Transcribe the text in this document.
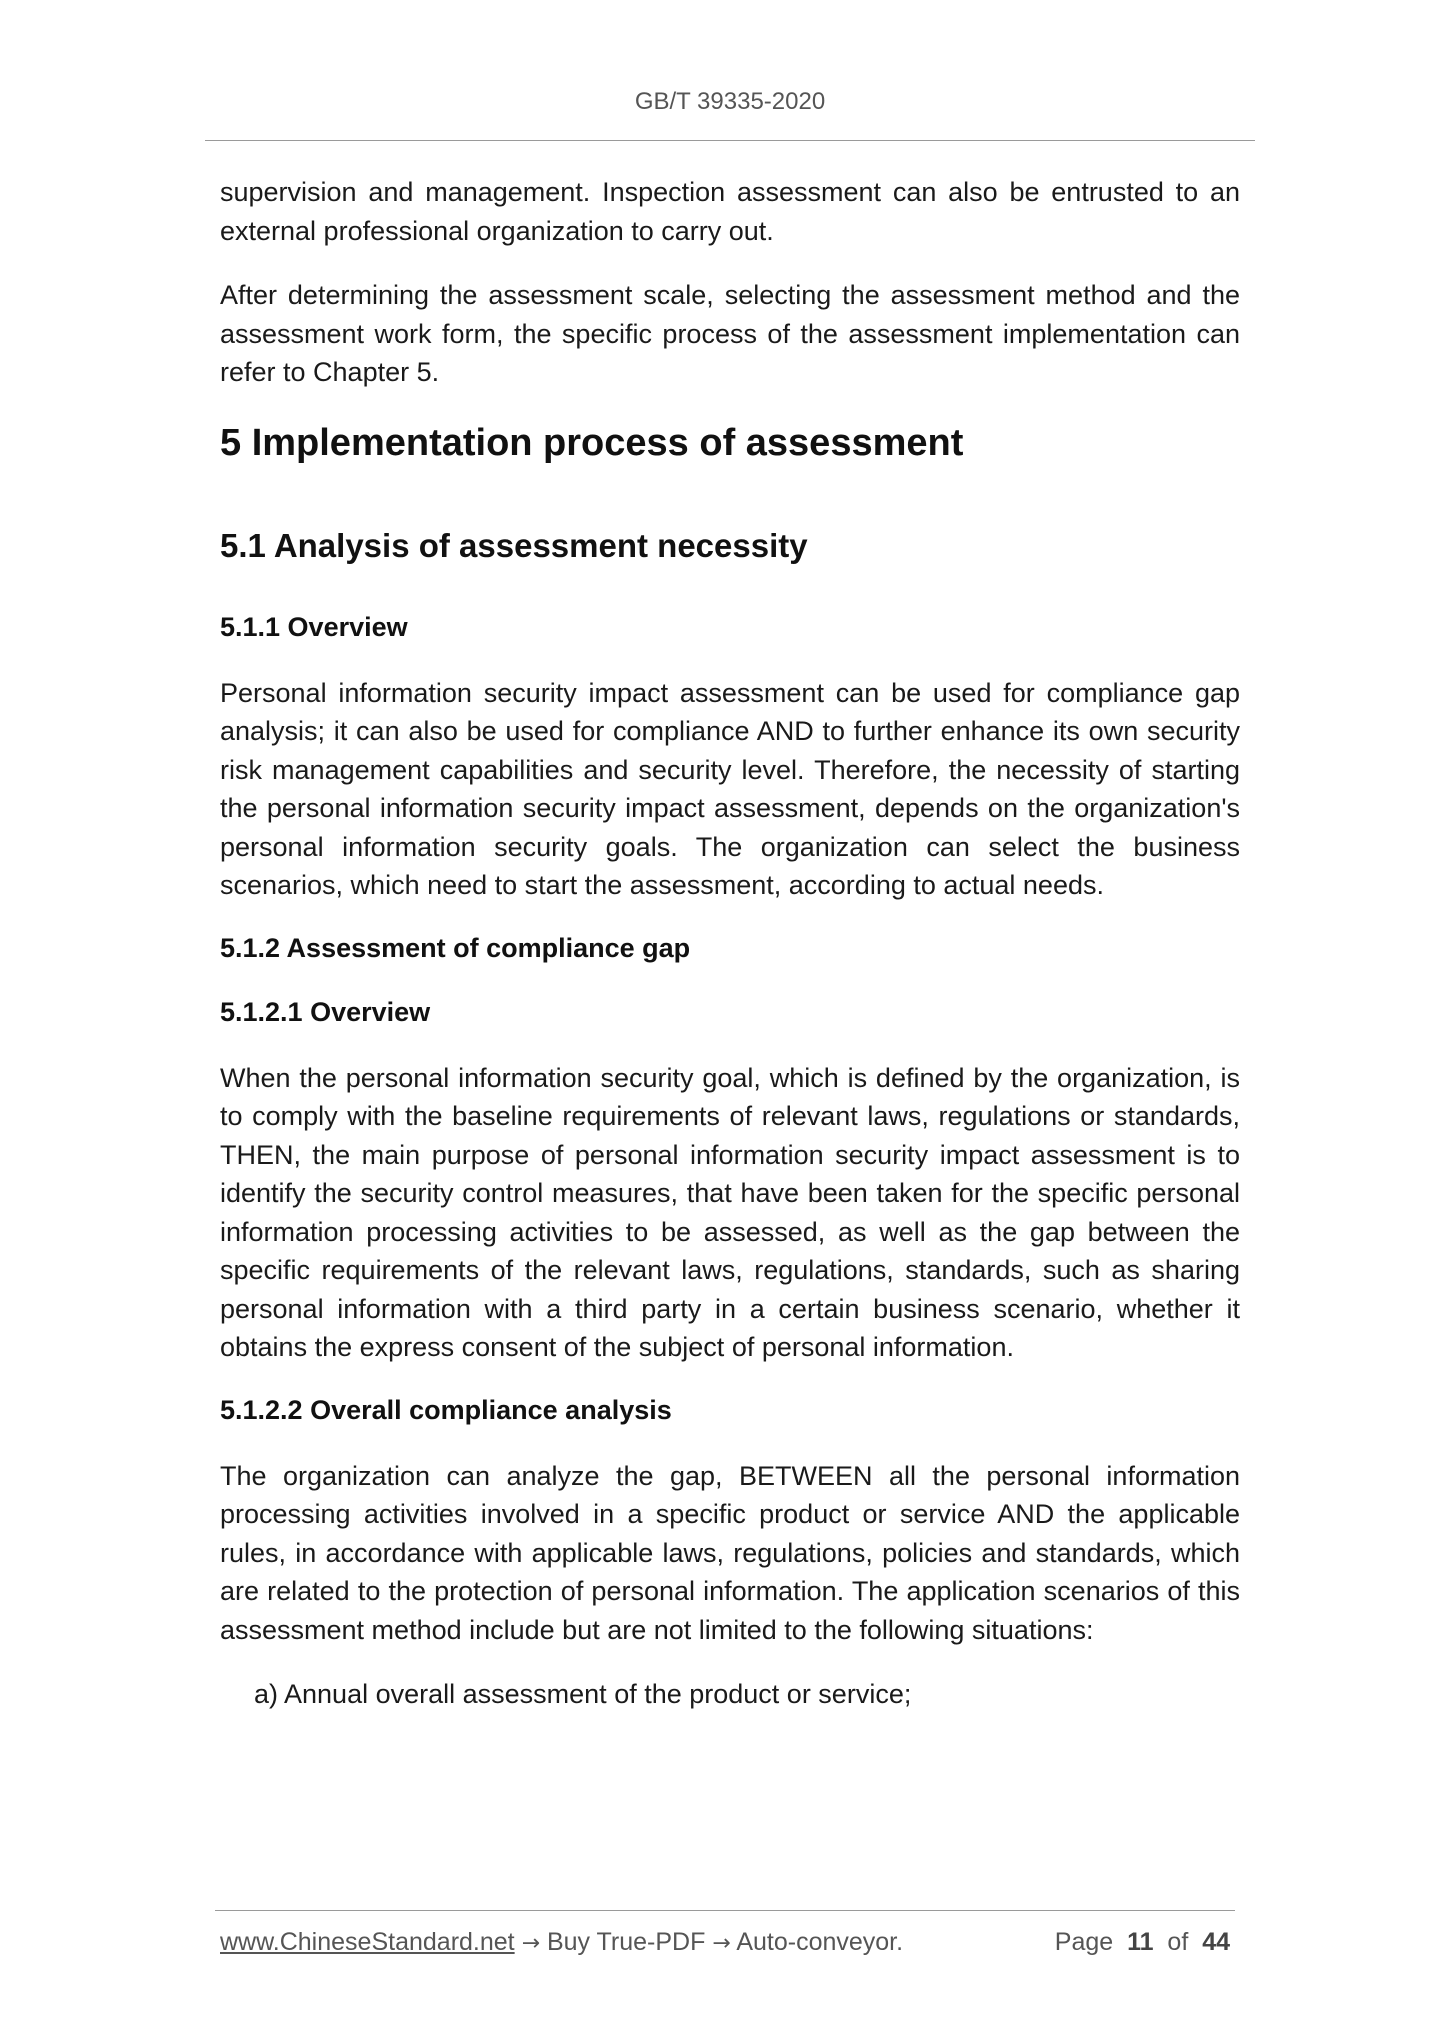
GB/T 39335-2020

supervision and management. Inspection assessment can also be entrusted to an external professional organization to carry out.

After determining the assessment scale, selecting the assessment method and the assessment work form, the specific process of the assessment implementation can refer to Chapter 5.

5 Implementation process of assessment
5.1 Analysis of assessment necessity
5.1.1 Overview

Personal information security impact assessment can be used for compliance gap analysis; it can also be used for compliance AND to further enhance its own security risk management capabilities and security level. Therefore, the necessity of starting the personal information security impact assessment, depends on the organization's personal information security goals. The organization can select the business scenarios, which need to start the assessment, according to actual needs.

5.1.2 Assessment of compliance gap
5.1.2.1 Overview

When the personal information security goal, which is defined by the organization, is to comply with the baseline requirements of relevant laws, regulations or standards, THEN, the main purpose of personal information security impact assessment is to identify the security control measures, that have been taken for the specific personal information processing activities to be assessed, as well as the gap between the specific requirements of the relevant laws, regulations, standards, such as sharing personal information with a third party in a certain business scenario, whether it obtains the express consent of the subject of personal information.

5.1.2.2 Overall compliance analysis

The organization can analyze the gap, BETWEEN all the personal information processing activities involved in a specific product or service AND the applicable rules, in accordance with applicable laws, regulations, policies and standards, which are related to the protection of personal information. The application scenarios of this assessment method include but are not limited to the following situations:

a) Annual overall assessment of the product or service;
www.ChineseStandard.net → Buy True-PDF → Auto-conveyor.	Page 11 of 44
